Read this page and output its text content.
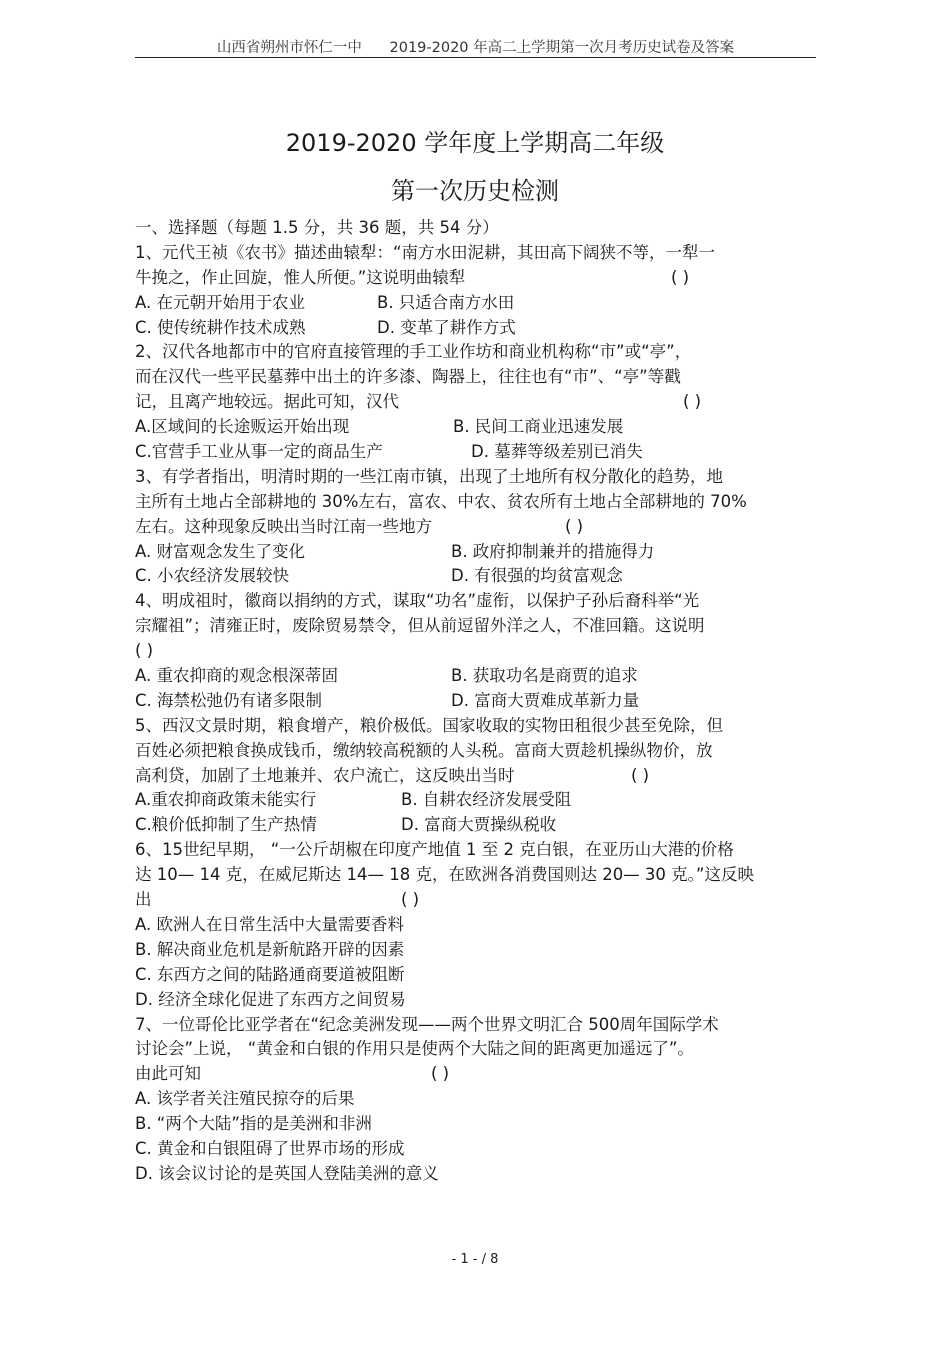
山西省朔州市怀仁一中 2019-2020 年高二上学期第一次月考历史试卷及答案
2019-2020 学年度上学期高二年级
第一次历史检测
一、选择题（每题 1.5 分，共 36 题，共 54 分）
1、元代王祯《农书》描述曲辕犁：“南方水田泥耕，其田高下阔狭不等，一犁一
牛挽之，作止回旋，惟人所便。”这说明曲辕犁	( )
A. 在元朝开始用于农业	B. 只适合南方水田
C. 使传统耕作技术成熟	D. 变革了耕作方式
2、汉代各地都市中的官府直接管理的手工业作坊和商业机构称“市”或“亭”，
而在汉代一些平民墓葬中出土的许多漆、陶器上，往往也有“市”、“亭”等戳
记，且离产地较远。据此可知，汉代	( )
A.区域间的长途贩运开始出现	B. 民间工商业迅速发展
C.官营手工业从事一定的商品生产	D. 墓葬等级差别已消失
3、有学者指出，明清时期的一些江南市镇，出现了土地所有权分散化的趋势，地
主所有土地占全部耕地的 30%左右，富农、中农、贫农所有土地占全部耕地的 70%
左右。这种现象反映出当时江南一些地方	( )
A. 财富观念发生了变化	B. 政府抑制兼并的措施得力
C. 小农经济发展较快	D. 有很强的均贫富观念
4、明成祖时，徽商以捐纳的方式，谋取“功名”虚衔，以保护子孙后裔科举“光
宗耀祖”；清雍正时，废除贸易禁令，但从前逗留外洋之人，不准回籍。这说明
( )
A. 重农抑商的观念根深蒂固	B. 获取功名是商贾的追求
C. 海禁松弛仍有诸多限制	D. 富商大贾难成革新力量
5、西汉文景时期，粮食增产，粮价极低。国家收取的实物田租很少甚至免除，但
百姓必须把粮食换成钱币，缴纳较高税额的人头税。富商大贾趁机操纵物价，放
高利贷，加剧了土地兼并、农户流亡，这反映出当时	( )
A.重农抑商政策未能实行	B. 自耕农经济发展受阻
C.粮价低抑制了生产热情	D. 富商大贾操纵税收
6、15世纪早期， “一公斤胡椒在印度产地值 1 至 2 克白银，在亚历山大港的价格
达 10— 14 克，在威尼斯达 14— 18 克，在欧洲各消费国则达 20— 30 克。”这反映
出	( )
A. 欧洲人在日常生活中大量需要香料
B. 解决商业危机是新航路开辟的因素
C. 东西方之间的陆路通商要道被阻断
D. 经济全球化促进了东西方之间贸易
7、一位哥伦比亚学者在“纪念美洲发现——两个世界文明汇合 500周年国际学术
讨论会”上说， “黄金和白银的作用只是使两个大陆之间的距离更加遥远了”。
由此可知	( )
A. 该学者关注殖民掠夺的后果
B. “两个大陆”指的是美洲和非洲
C. 黄金和白银阻碍了世界市场的形成
D. 该会议讨论的是英国人登陆美洲的意义
- 1 - / 8
